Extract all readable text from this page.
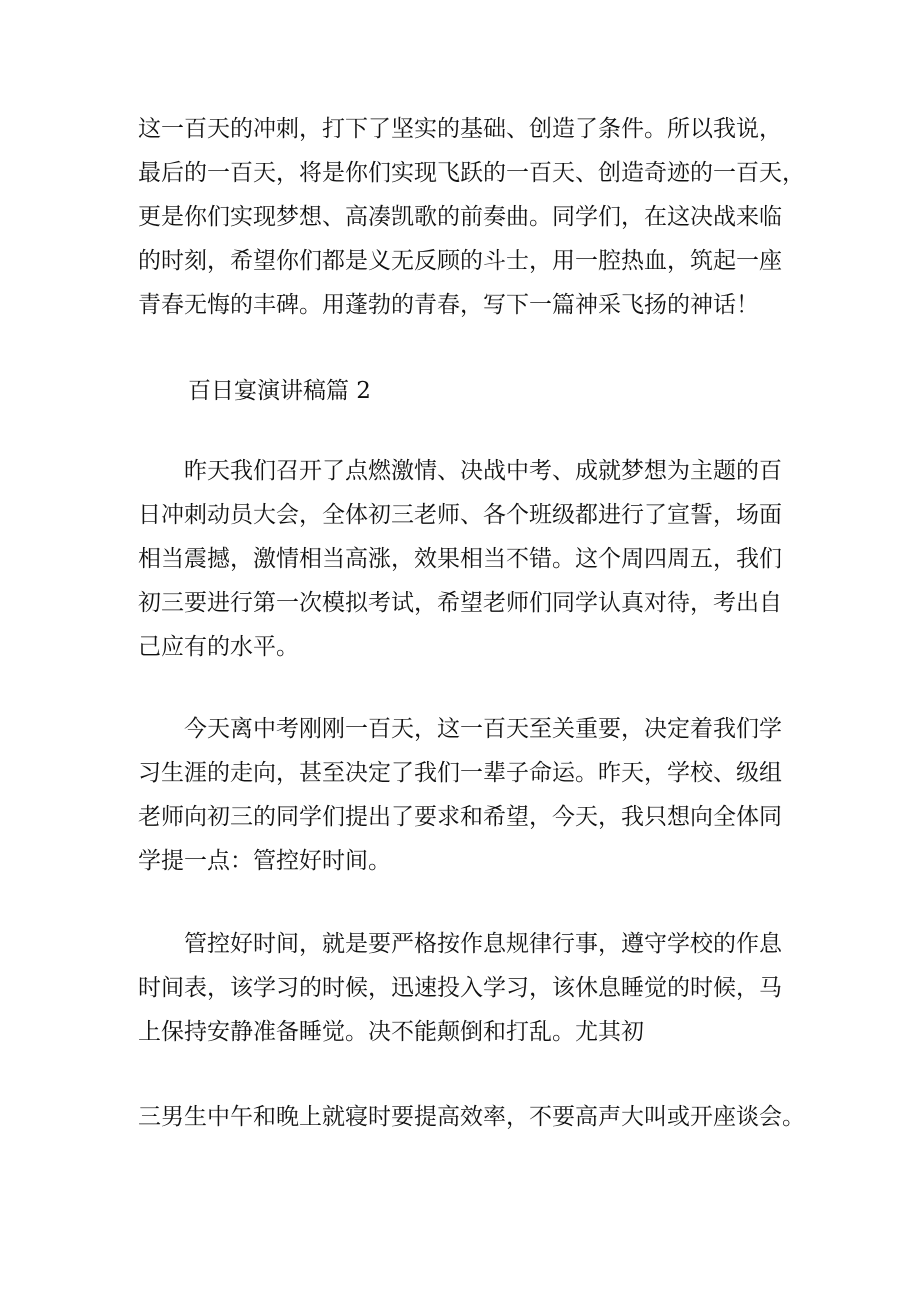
这一百天的冲刺，打下了坚实的基础、创造了条件。所以我说，
最后的一百天，将是你们实现飞跃的一百天、创造奇迹的一百天，
更是你们实现梦想、高凑凯歌的前奏曲。同学们，在这决战来临
的时刻，希望你们都是义无反顾的斗士，用一腔热血，筑起一座
青春无悔的丰碑。用蓬勃的青春，写下一篇神采飞扬的神话！
百日宴演讲稿篇 2
　　昨天我们召开了点燃激情、决战中考、成就梦想为主题的百
日冲刺动员大会，全体初三老师、各个班级都进行了宣誓，场面
相当震撼，激情相当高涨，效果相当不错。这个周四周五，我们
初三要进行第一次模拟考试，希望老师们同学认真对待，考出自
己应有的水平。
　　今天离中考刚刚一百天，这一百天至关重要，决定着我们学
习生涯的走向，甚至决定了我们一辈子命运。昨天，学校、级组
老师向初三的同学们提出了要求和希望，今天，我只想向全体同
学提一点：管控好时间。
　　管控好时间，就是要严格按作息规律行事，遵守学校的作息
时间表，该学习的时候，迅速投入学习，该休息睡觉的时候，马
上保持安静准备睡觉。决不能颠倒和打乱。尤其初
三男生中午和晚上就寝时要提高效率，不要高声大叫或开座谈会。
